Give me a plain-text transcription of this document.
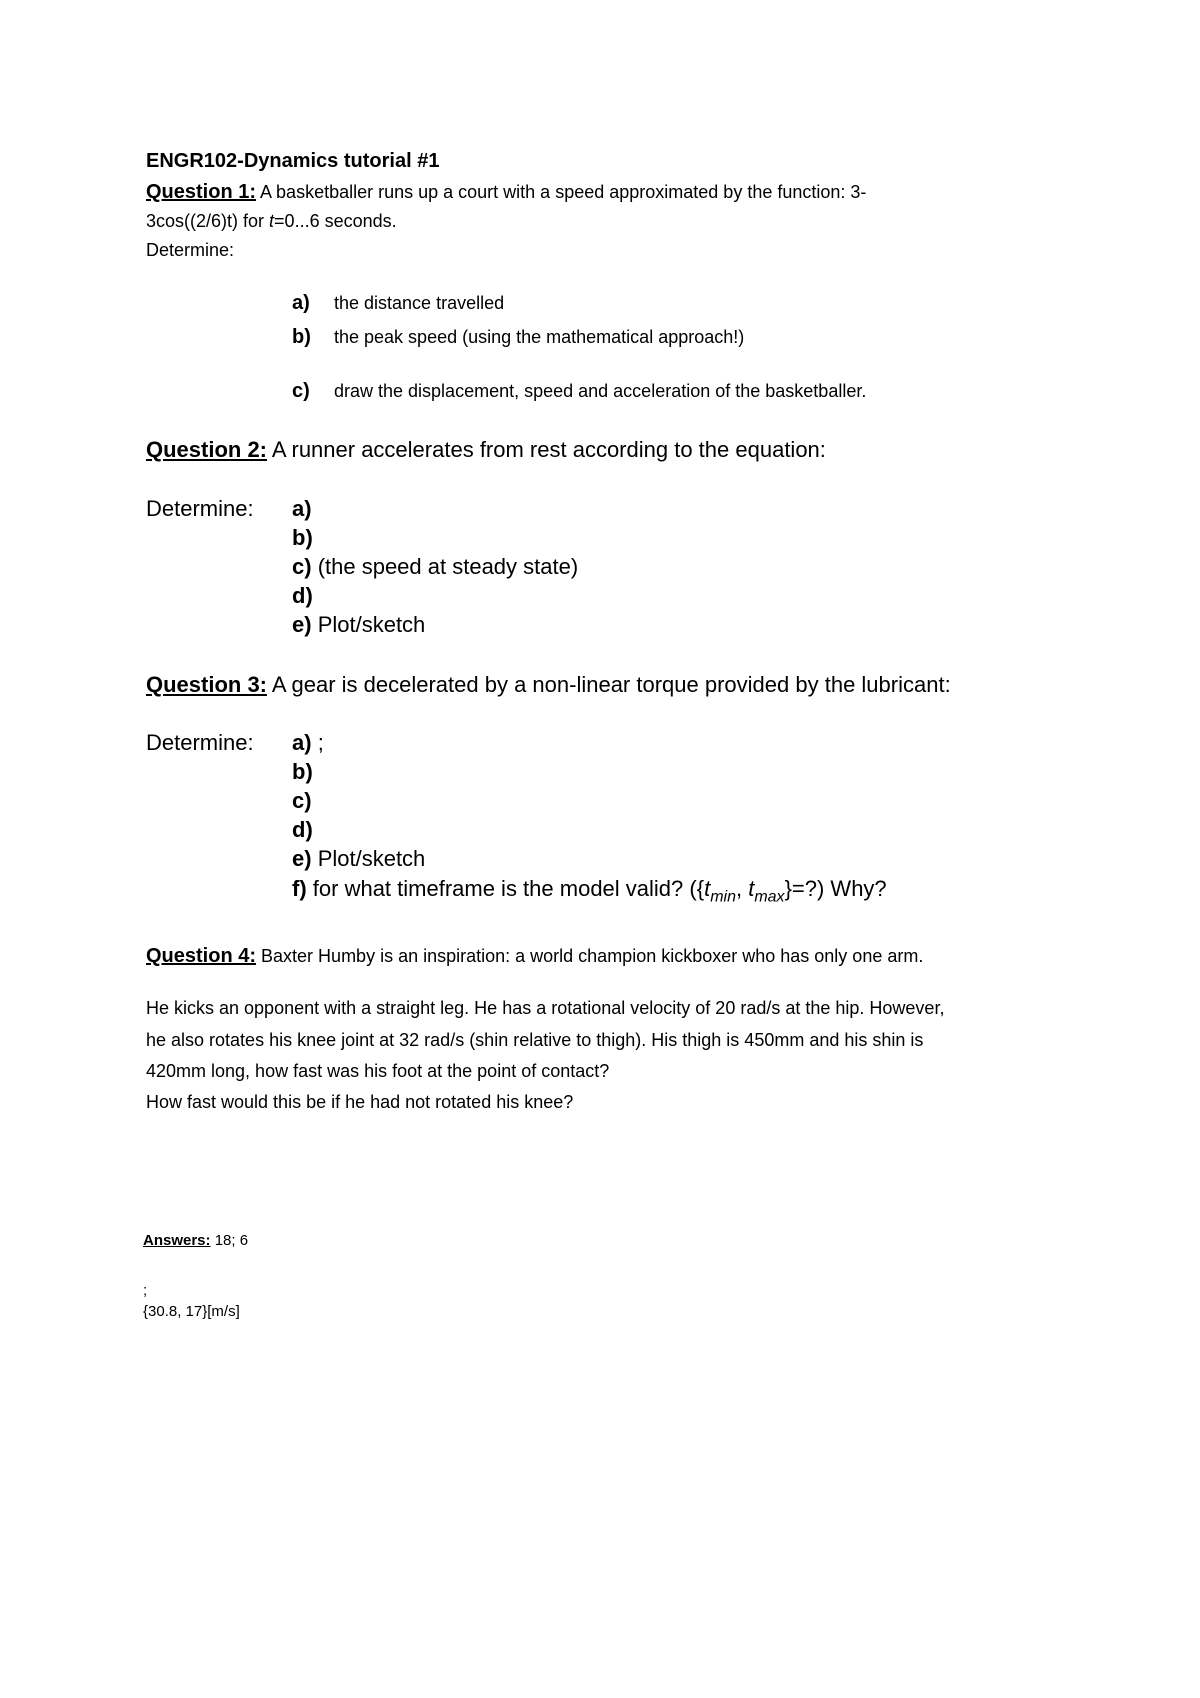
ENGR102-Dynamics tutorial #1
Question 1: A basketballer runs up a court with a speed approximated by the function: 3-
3cos((2/6)t) for t=0...6 seconds.
Determine:
a) the distance travelled
b) the peak speed (using the mathematical approach!)
c) draw the displacement, speed and acceleration of the basketballer.
Question 2: A runner accelerates from rest according to the equation:
Determine: a)
b)
c) (the speed at steady state)
d)
e) Plot/sketch
Question 3: A gear is decelerated by a non-linear torque provided by the lubricant:
Determine: a) ;
b)
c)
d)
e) Plot/sketch
f) for what timeframe is the model valid? ({$t_{min}$, $t_{max}\}=$?) Why?
Question 4: Baxter Humby is an inspiration: a world champion kickboxer who has only one arm.
He kicks an opponent with a straight leg. He has a rotational velocity of 20 rad/s at the hip. However,
he also rotates his knee joint at 32 rad/s (shin relative to thigh). His thigh is 450mm and his shin is
420mm long, how fast was his foot at the point of contact?
How fast would this be if he had not rotated his knee?
Answers: 18; 6
;
{30.8, 17}[m/s]
